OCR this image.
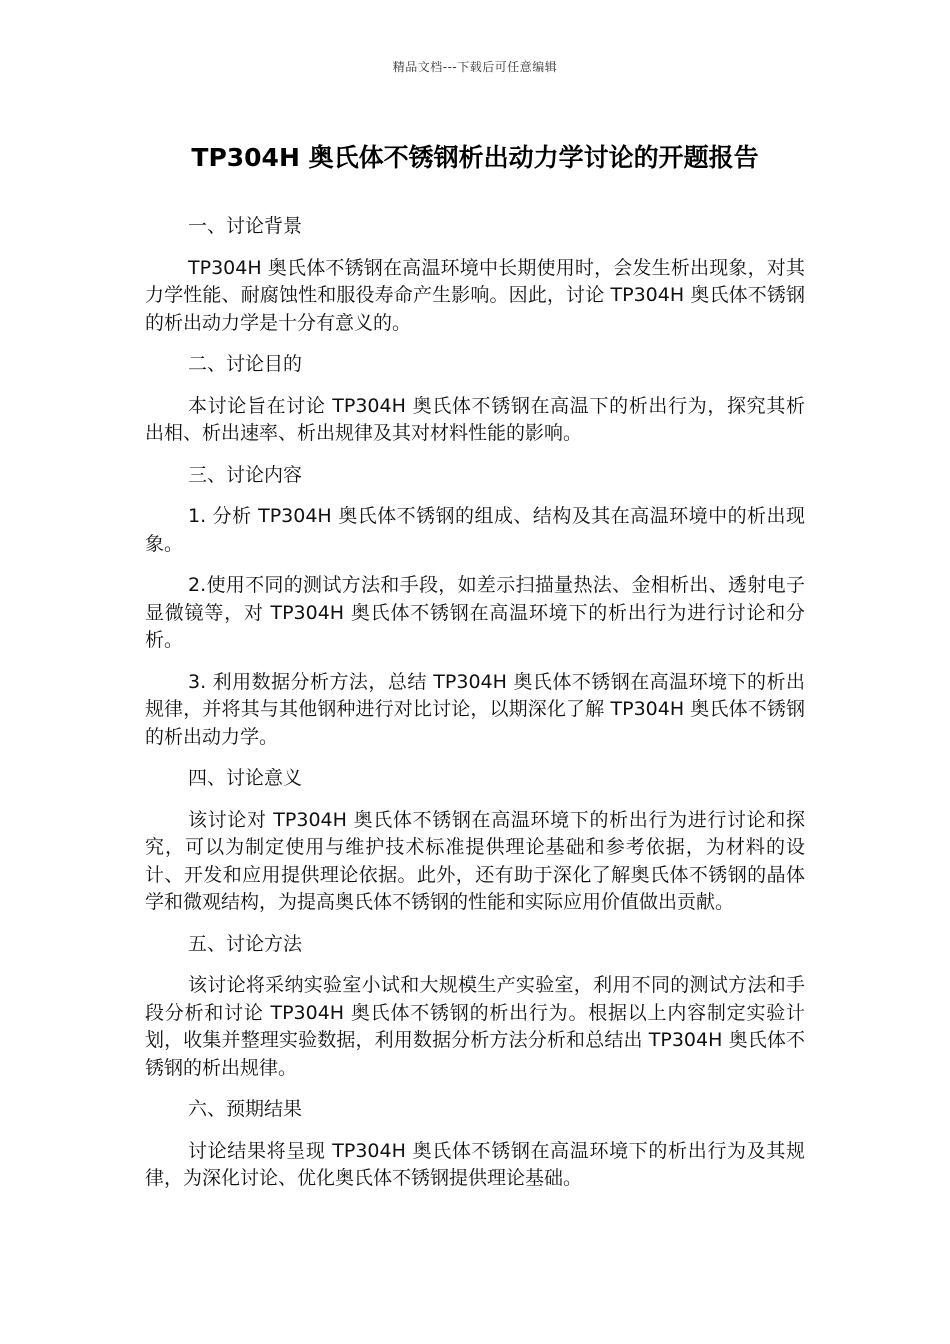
精品文档---下载后可任意编辑
TP304H 奥氏体不锈钢析出动力学讨论的开题报告
一、讨论背景

TP304H 奥氏体不锈钢在高温环境中长期使用时，会发生析出现象，对其力学性能、耐腐蚀性和服役寿命产生影响。因此，讨论 TP304H 奥氏体不锈钢的析出动力学是十分有意义的。

二、讨论目的

本讨论旨在讨论 TP304H 奥氏体不锈钢在高温下的析出行为，探究其析出相、析出速率、析出规律及其对材料性能的影响。

三、讨论内容

1. 分析 TP304H 奥氏体不锈钢的组成、结构及其在高温环境中的析出现象。

2.使用不同的测试方法和手段，如差示扫描量热法、金相析出、透射电子显微镜等，对 TP304H 奥氏体不锈钢在高温环境下的析出行为进行讨论和分析。

3. 利用数据分析方法，总结 TP304H 奥氏体不锈钢在高温环境下的析出规律，并将其与其他钢种进行对比讨论，以期深化了解 TP304H 奥氏体不锈钢的析出动力学。

四、讨论意义

该讨论对 TP304H 奥氏体不锈钢在高温环境下的析出行为进行讨论和探究，可以为制定使用与维护技术标准提供理论基础和参考依据，为材料的设计、开发和应用提供理论依据。此外，还有助于深化了解奥氏体不锈钢的晶体学和微观结构，为提高奥氏体不锈钢的性能和实际应用价值做出贡献。

五、讨论方法

该讨论将采纳实验室小试和大规模生产实验室，利用不同的测试方法和手段分析和讨论 TP304H 奥氏体不锈钢的析出行为。根据以上内容制定实验计划，收集并整理实验数据，利用数据分析方法分析和总结出 TP304H 奥氏体不锈钢的析出规律。

六、预期结果

讨论结果将呈现 TP304H 奥氏体不锈钢在高温环境下的析出行为及其规律，为深化讨论、优化奥氏体不锈钢提供理论基础。
